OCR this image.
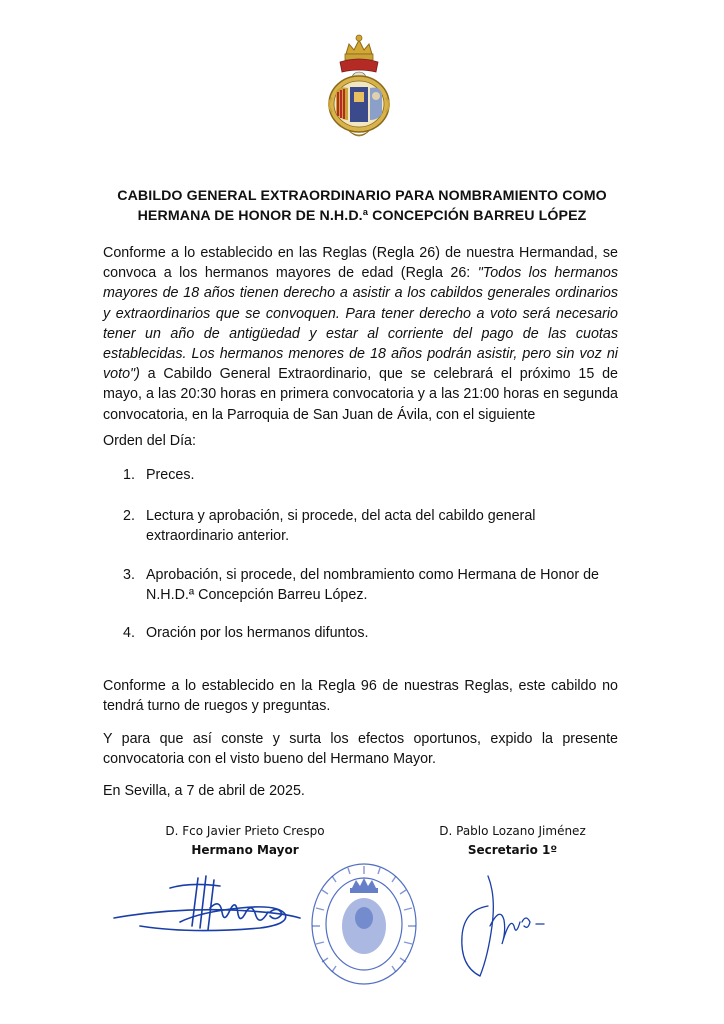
CABILDO GENERAL EXTRAORDINARIO PARA NOMBRAMIENTO COMO
HERMANA DE HONOR DE N.H.D.ª CONCEPCIÓN BARREU LÓPEZ
Conforme a lo establecido en las Reglas (Regla 26) de nuestra Hermandad, se convoca a los hermanos mayores de edad (Regla 26: "Todos los hermanos mayores de 18 años tienen derecho a asistir a los cabildos generales ordinarios y extraordinarios que se convoquen. Para tener derecho a voto será necesario tener un año de antigüedad y estar al corriente del pago de las cuotas establecidas. Los hermanos menores de 18 años podrán asistir, pero sin voz ni voto") a Cabildo General Extraordinario, que se celebrará el próximo 15 de mayo, a las 20:30 horas en primera convocatoria y a las 21:00 horas en segunda convocatoria, en la Parroquia de San Juan de Ávila, con el siguiente
Orden del Día:
1. Preces.
2. Lectura y aprobación, si procede, del acta del cabildo general extraordinario anterior.
3. Aprobación, si procede, del nombramiento como Hermana de Honor de N.H.D.ª Concepción Barreu López.
4. Oración por los hermanos difuntos.
Conforme a lo establecido en la Regla 96 de nuestras Reglas, este cabildo no tendrá turno de ruegos y preguntas.
Y para que así conste y surta los efectos oportunos, expido la presente convocatoria con el visto bueno del Hermano Mayor.
En Sevilla, a 7 de abril de 2025.
D. Fco Javier Prieto Crespo
Hermano Mayor
D. Pablo Lozano Jiménez
Secretario 1º
